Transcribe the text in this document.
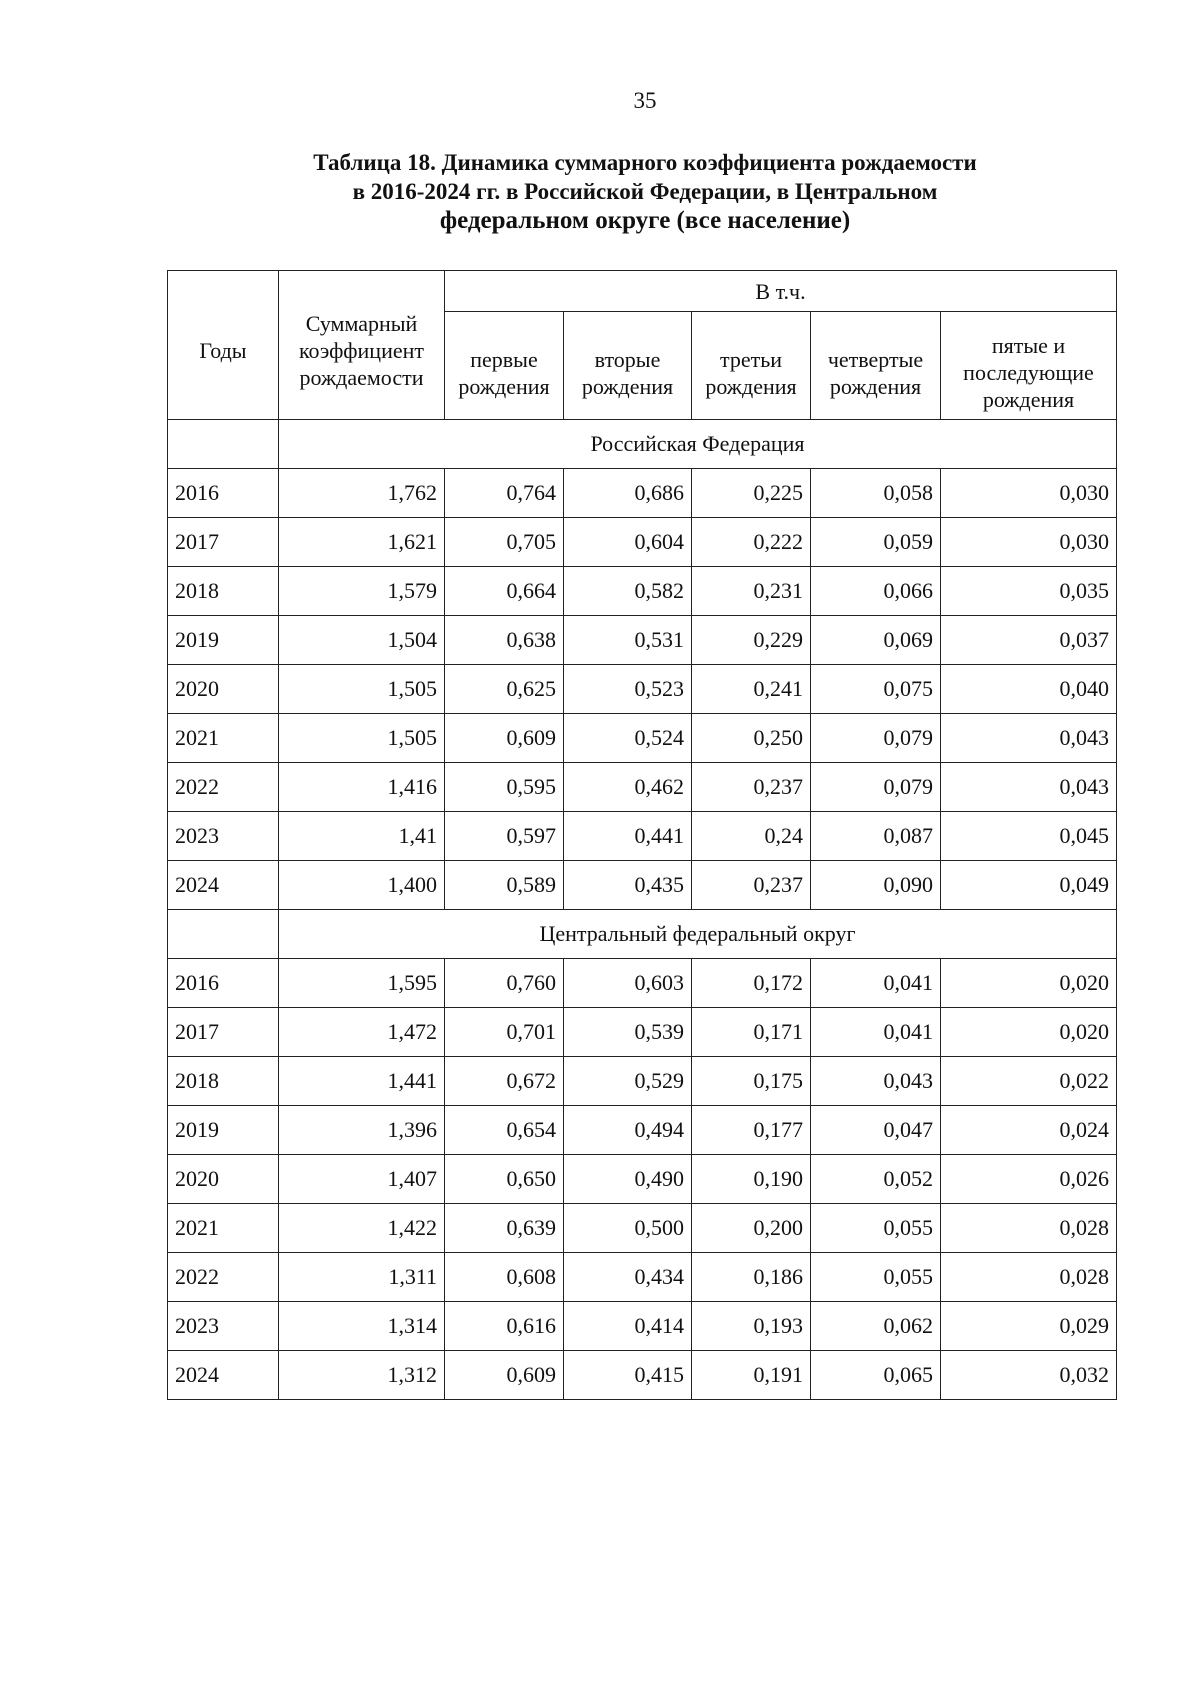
35
Таблица 18. Динамика суммарного коэффициента рождаемости
в 2016-2024 гг. в Российской Федерации, в Центральном
федеральном округе (все население)
Годы	Суммарный коэффициент рождаемости	В т.ч.				
		первые рождения	вторые рождения	третьи рождения	четвертые рождения	пятые и последующие рождения
	Российская Федерация					
2016	1,762	0,764	0,686	0,225	0,058	0,030
2017	1,621	0,705	0,604	0,222	0,059	0,030
2018	1,579	0,664	0,582	0,231	0,066	0,035
2019	1,504	0,638	0,531	0,229	0,069	0,037
2020	1,505	0,625	0,523	0,241	0,075	0,040
2021	1,505	0,609	0,524	0,250	0,079	0,043
2022	1,416	0,595	0,462	0,237	0,079	0,043
2023	1,41	0,597	0,441	0,24	0,087	0,045
2024	1,400	0,589	0,435	0,237	0,090	0,049
	Центральный федеральный округ					
2016	1,595	0,760	0,603	0,172	0,041	0,020
2017	1,472	0,701	0,539	0,171	0,041	0,020
2018	1,441	0,672	0,529	0,175	0,043	0,022
2019	1,396	0,654	0,494	0,177	0,047	0,024
2020	1,407	0,650	0,490	0,190	0,052	0,026
2021	1,422	0,639	0,500	0,200	0,055	0,028
2022	1,311	0,608	0,434	0,186	0,055	0,028
2023	1,314	0,616	0,414	0,193	0,062	0,029
2024	1,312	0,609	0,415	0,191	0,065	0,032
